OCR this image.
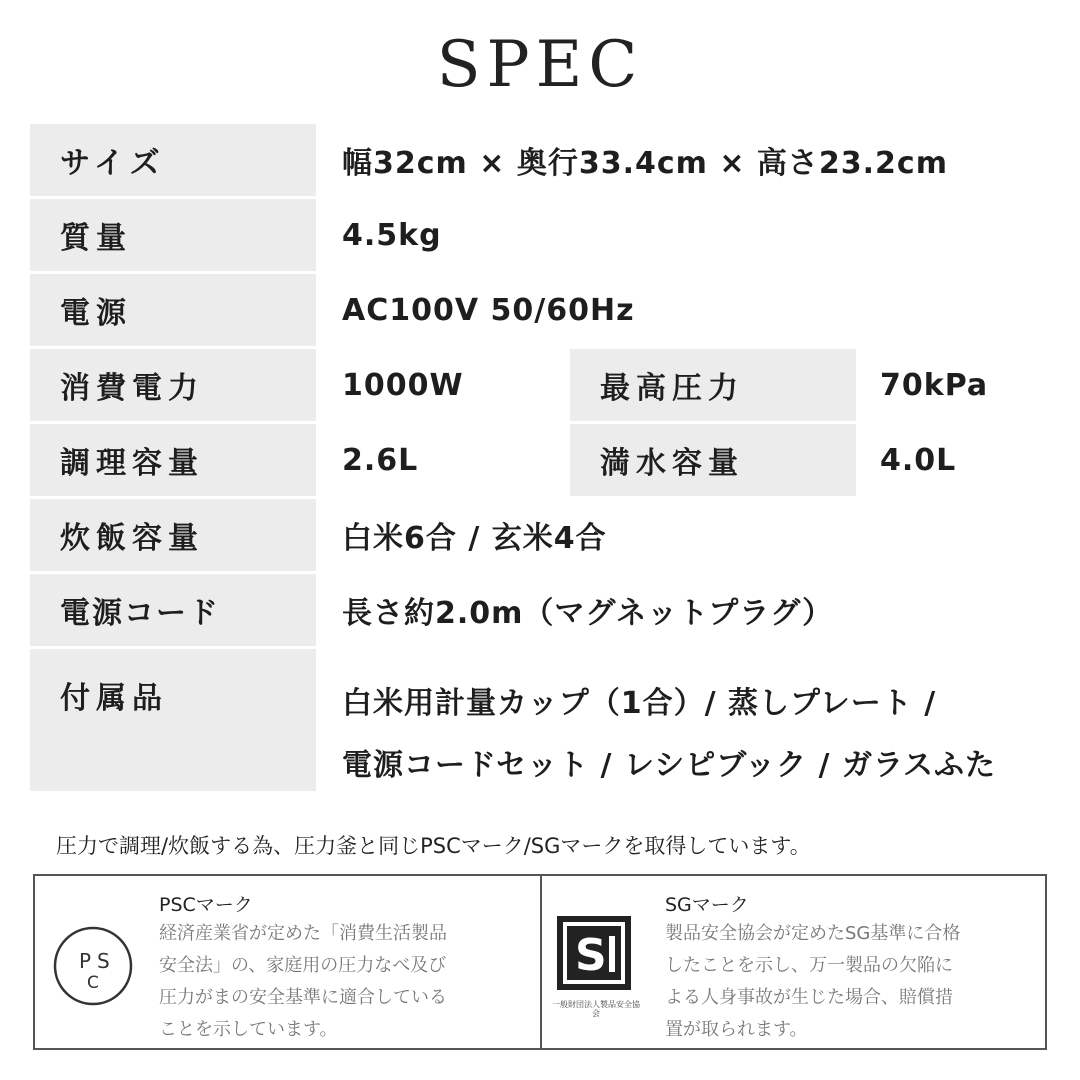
SPEC
サイズ	幅32cm × 奥行33.4cm × 高さ23.2cm
質量	4.5kg
電源	AC100V 50/60Hz
消費電力	1000W	最高圧力	70kPa
調理容量	2.6L	満水容量	4.0L
炊飯容量	白米6合 / 玄米4合
電源コード	長さ約2.0m（マグネットプラグ）
付属品	白米用計量カップ（1合）/ 蒸しプレート /
電源コードセット / レシピブック / ガラスふた
圧力で調理/炊飯する為、圧力釜と同じPSCマーク/SGマークを取得しています。
P S
C
PSCマーク
経済産業省が定めた「消費生活製品
安全法」の、家庭用の圧力なべ及び
圧力がまの安全基準に適合している
ことを示しています。
S
一般財団法人製品安全協会
SGマーク
製品安全協会が定めたSG基準に合格
したことを示し、万一製品の欠陥に
よる人身事故が生じた場合、賠償措
置が取られます。
